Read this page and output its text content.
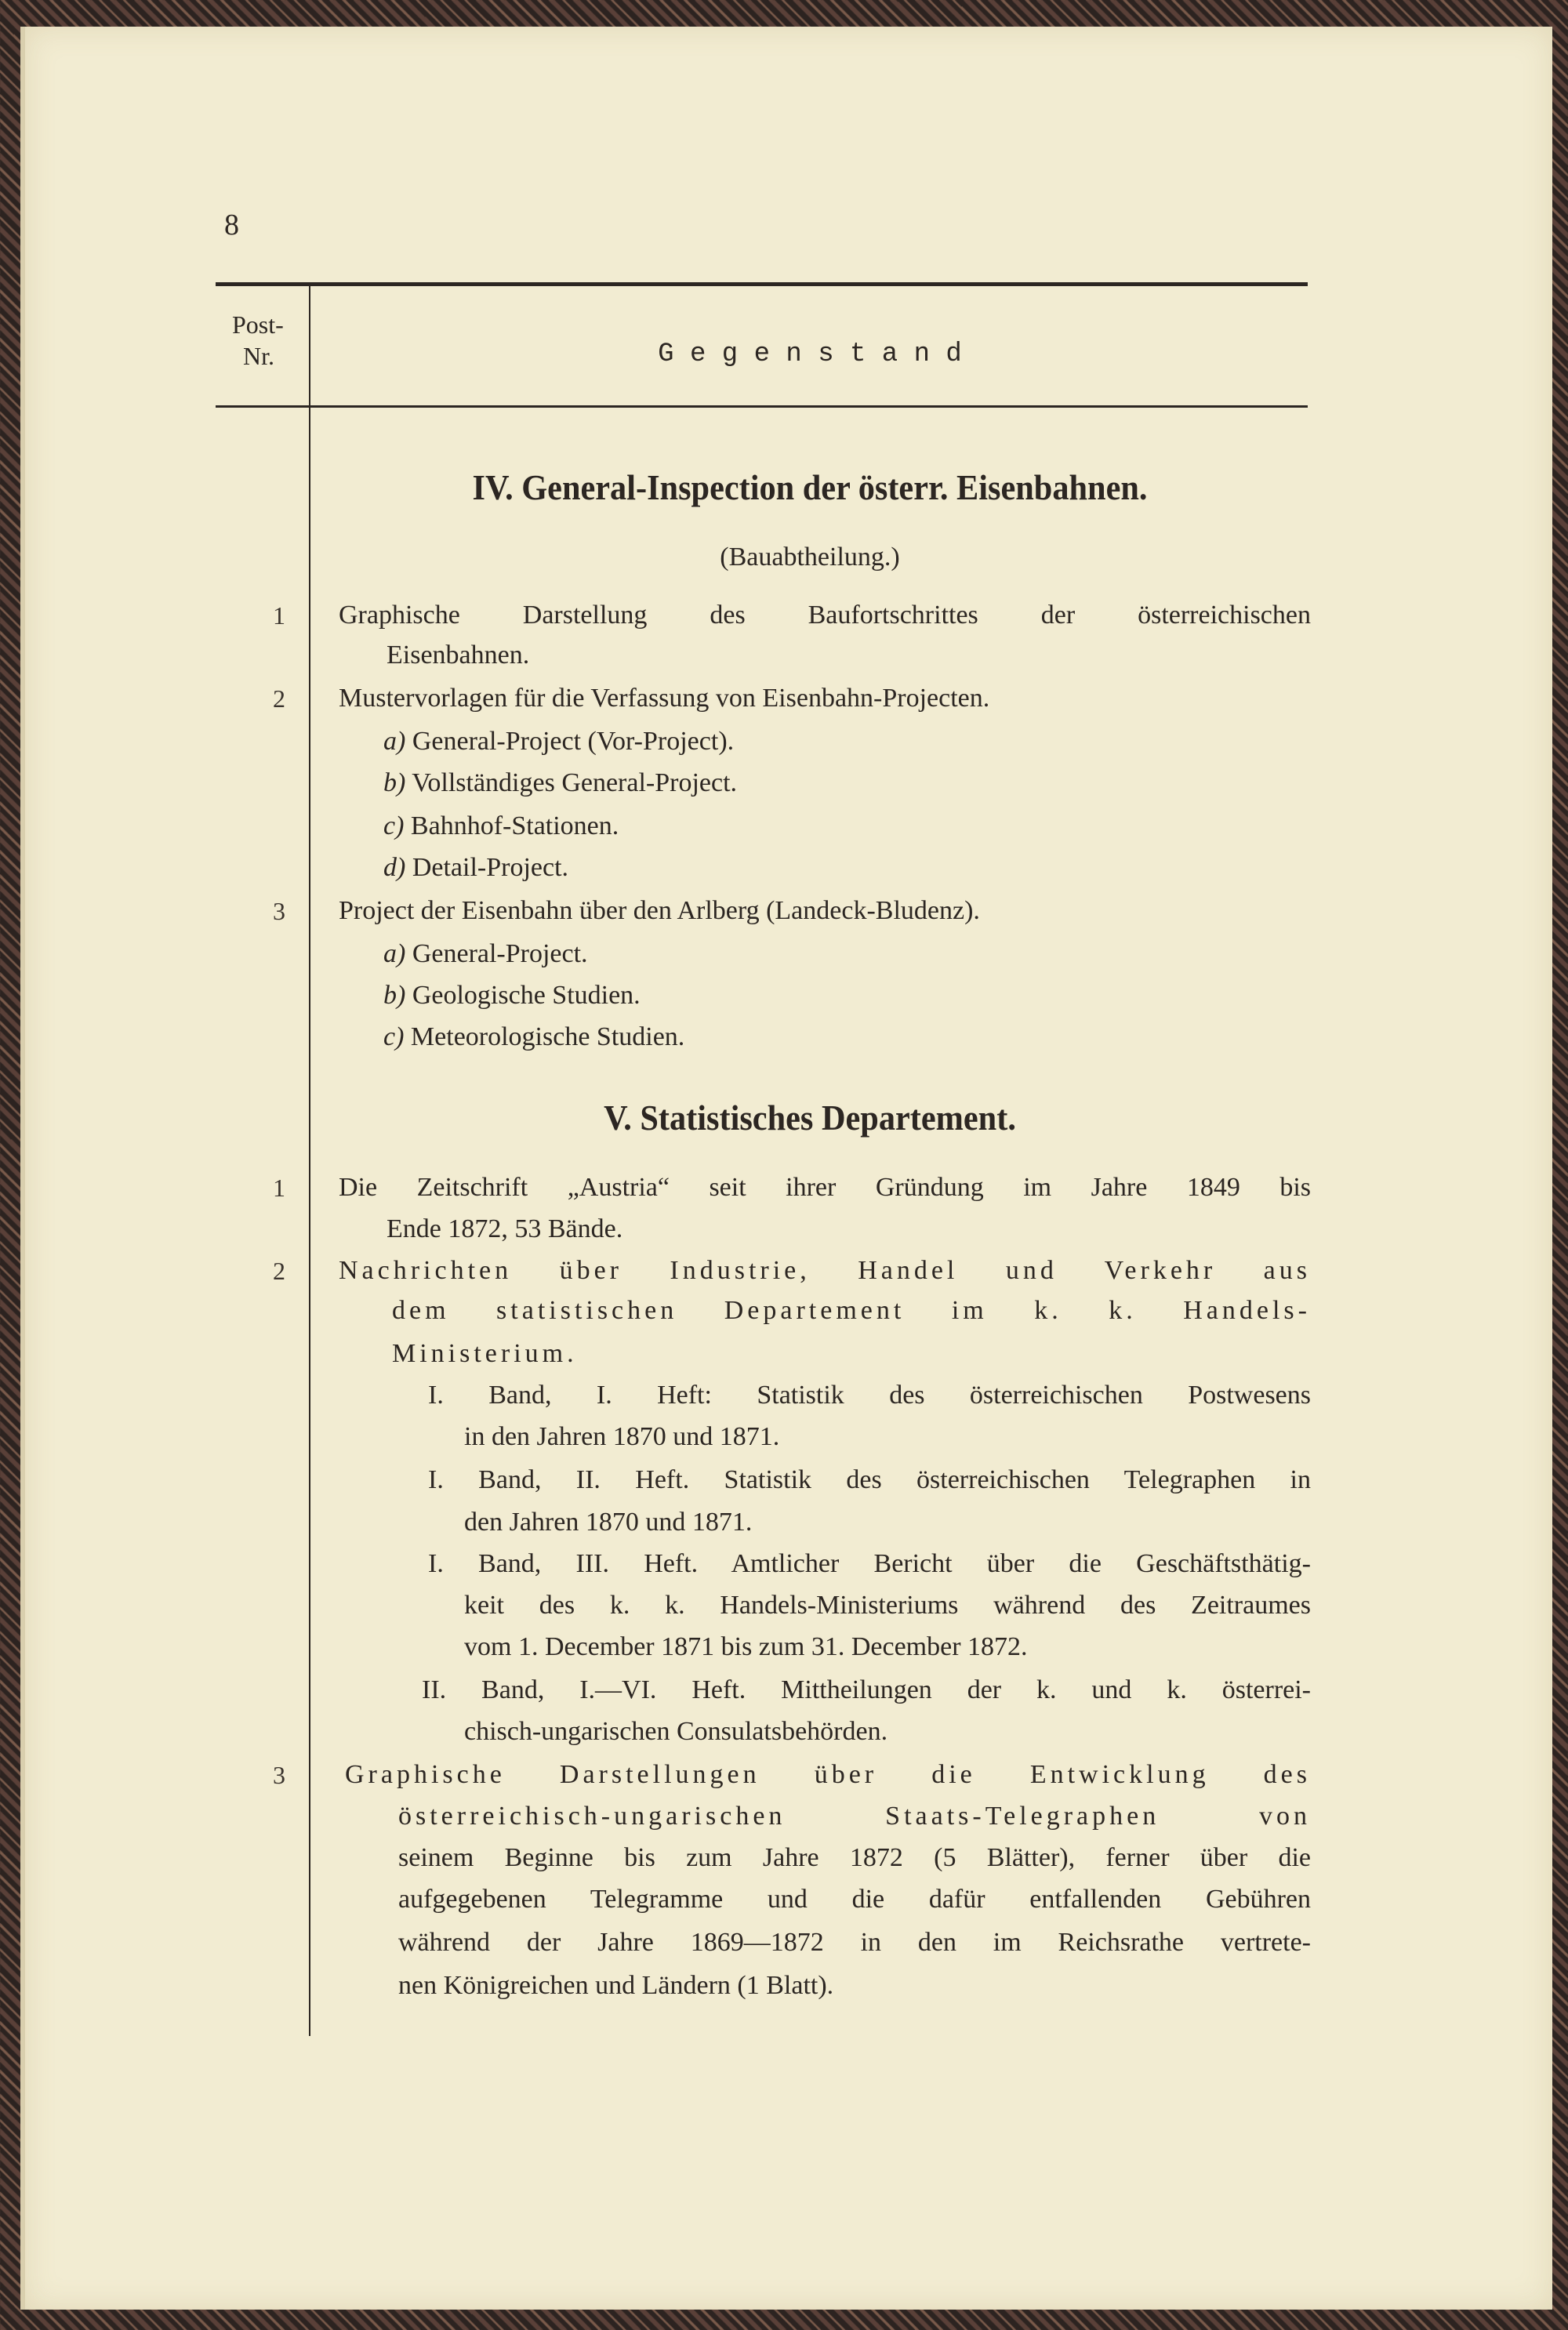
8
Post-
Nr.	G e g e n s t a n d
IV. General-Inspection der österr. Eisenbahnen.
(Bauabtheilung.)
1	Graphische Darstellung des Baufortschrittes der österreichischen
Eisenbahnen.
2	Mustervorlagen für die Verfassung von Eisenbahn-Projecten.
a) General-Project (Vor-Project).
b) Vollständiges General-Project.
c) Bahnhof-Stationen.
d) Detail-Project.
3	Project der Eisenbahn über den Arlberg (Landeck-Bludenz).
a) General-Project.
b) Geologische Studien.
c) Meteorologische Studien.
V. Statistisches Departement.
1	Die Zeitschrift „Austria“ seit ihrer Gründung im Jahre 1849 bis
Ende 1872, 53 Bände.
2	Nachrichten über Industrie, Handel und Verkehr aus
dem statistischen Departement im k. k. Handels-
Ministerium.
I. Band, I. Heft: Statistik des österreichischen Postwesens
in den Jahren 1870 und 1871.
I. Band, II. Heft. Statistik des österreichischen Telegraphen in
den Jahren 1870 und 1871.
I. Band, III. Heft. Amtlicher Bericht über die Geschäftsthätig-
keit des k. k. Handels-Ministeriums während des Zeitraumes
vom 1. December 1871 bis zum 31. December 1872.
II. Band, I.—VI. Heft. Mittheilungen der k. und k. österrei-
chisch-ungarischen Consulatsbehörden.
3	Graphische Darstellungen über die Entwicklung des
österreichisch-ungarischen Staats-Telegraphen von
seinem Beginne bis zum Jahre 1872 (5 Blätter), ferner über die
aufgegebenen Telegramme und die dafür entfallenden Gebühren
während der Jahre 1869—1872 in den im Reichsrathe vertrete-
nen Königreichen und Ländern (1 Blatt).
